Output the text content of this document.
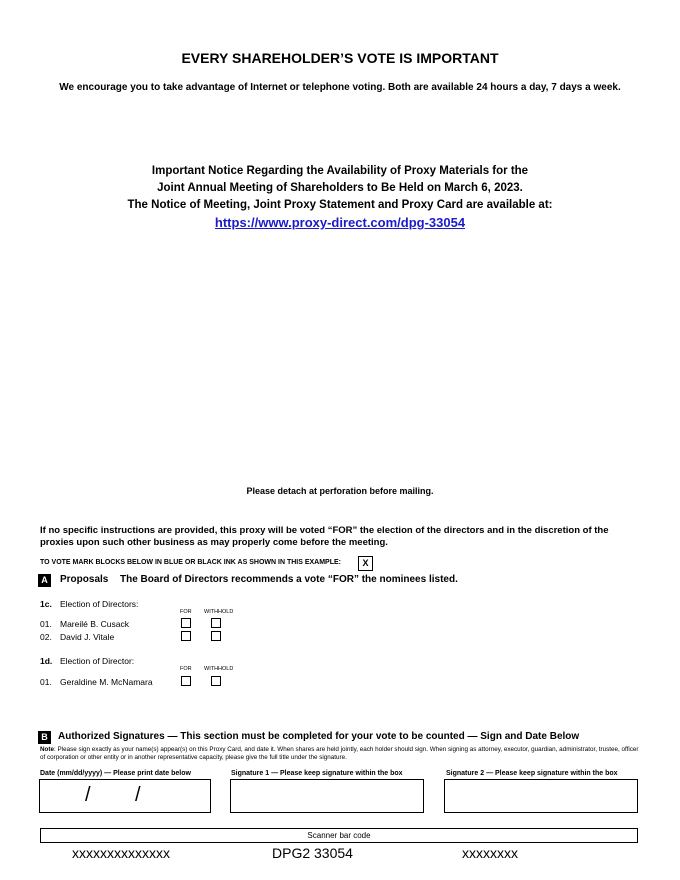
EVERY SHAREHOLDER’S VOTE IS IMPORTANT
We encourage you to take advantage of Internet or telephone voting. Both are available 24 hours a day, 7 days a week.
Important Notice Regarding the Availability of Proxy Materials for the
Joint Annual Meeting of Shareholders to Be Held on March 6, 2023.
The Notice of Meeting, Joint Proxy Statement and Proxy Card are available at:
https://www.proxy-direct.com/dpg-33054
Please detach at perforation before mailing.
If no specific instructions are provided, this proxy will be voted “FOR” the election of the directors and in the discretion of the proxies upon such other business as may properly come before the meeting.
TO VOTE MARK BLOCKS BELOW IN BLUE OR BLACK INK AS SHOWN IN THIS EXAMPLE:	X
A	Proposals The Board of Directors recommends a vote “FOR” the nominees listed.
1c. Election of Directors:
FOR WITHHOLD
01. Mareilé B. Cusack
02. David J. Vitale
1d. Election of Director:
FOR WITHHOLD
01. Geraldine M. McNamara
B	Authorized Signatures — This section must be completed for your vote to be counted — Sign and Date Below
Note: Please sign exactly as your name(s) appear(s) on this Proxy Card, and date it. When shares are held jointly, each holder should sign. When signing as attorney, executor, guardian, administrator, trustee, officer of corporation or other entity or in another representative capacity, please give the full title under the signature.
Date (mm/dd/yyyy) — Please print date below	Signature 1 — Please keep signature within the box	Signature 2 — Please keep signature within the box
/        /
Scanner bar code
xxxxxxxxxxxxxx	DPG2 33054	xxxxxxxx
